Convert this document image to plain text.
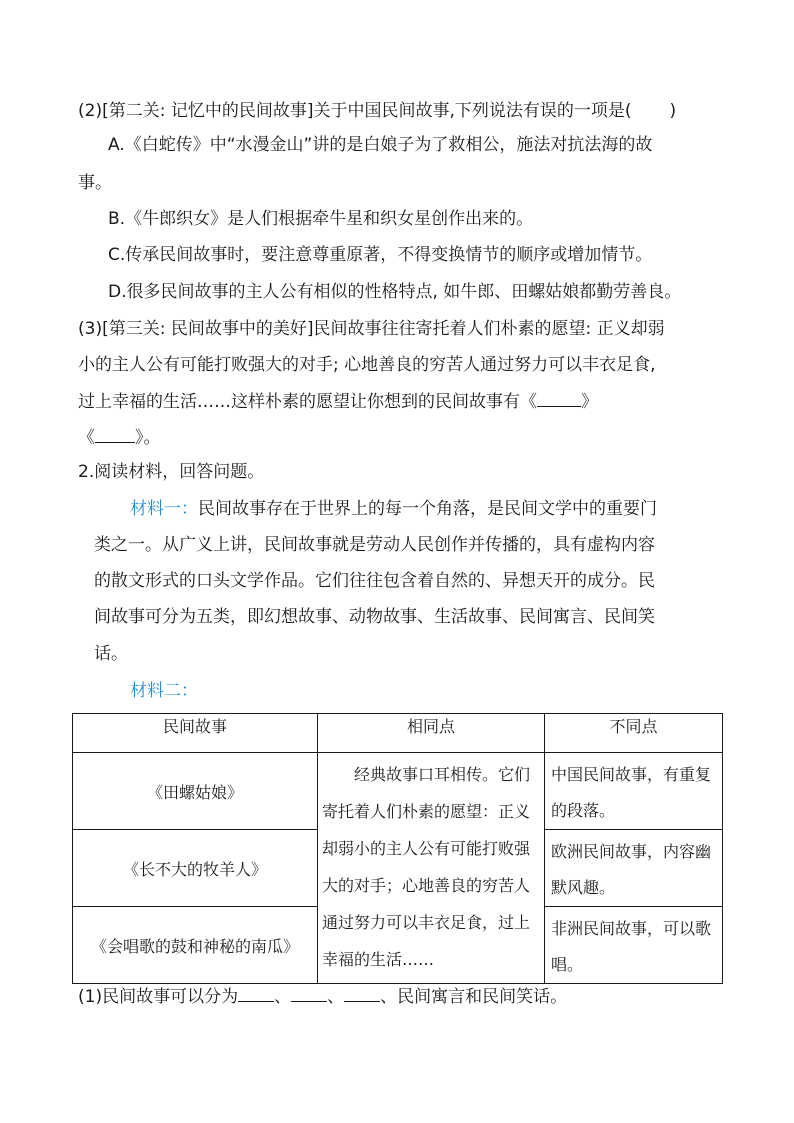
(2)[第二关: 记忆中的民间故事]关于中国民间故事,下列说法有误的一项是( )
A.《白蛇传》中“水漫金山”讲的是白娘子为了救相公，施法对抗法海的故
事。
B.《牛郎织女》是人们根据牵牛星和织女星创作出来的。
C.传承民间故事时，要注意尊重原著，不得变换情节的顺序或增加情节。
D.很多民间故事的主人公有相似的性格特点, 如牛郎、田螺姑娘都勤劳善良。
(3)[第三关: 民间故事中的美好]民间故事往往寄托着人们朴素的愿望: 正义却弱
小的主人公有可能打败强大的对手; 心地善良的穷苦人通过努力可以丰衣足食,
过上幸福的生活……这样朴素的愿望让你想到的民间故事有《	》
《 》。
2.阅读材料，回答问题。
材料一：民间故事存在于世界上的每一个角落，是民间文学中的重要门
类之一。从广义上讲，民间故事就是劳动人民创作并传播的，具有虚构内容
的散文形式的口头文学作品。它们往往包含着自然的、异想天开的成分。民
间故事可分为五类，即幻想故事、动物故事、生活故事、民间寓言、民间笑
话。
材料二：
民间故事	相同点	不同点
《田螺姑娘》	经典故事口耳相传。它们寄托着人们朴素的愿望：正义却弱小的主人公有可能打败强大的对手；心地善良的穷苦人通过努力可以丰衣足食，过上幸福的生活……	中国民间故事，有重复的段落。
《长不大的牧羊人》		欧洲民间故事，内容幽默风趣。
《会唱歌的鼓和神秘的南瓜》		非洲民间故事，可以歌唱。
(1)民间故事可以分为 、 、 、民间寓言和民间笑话。
